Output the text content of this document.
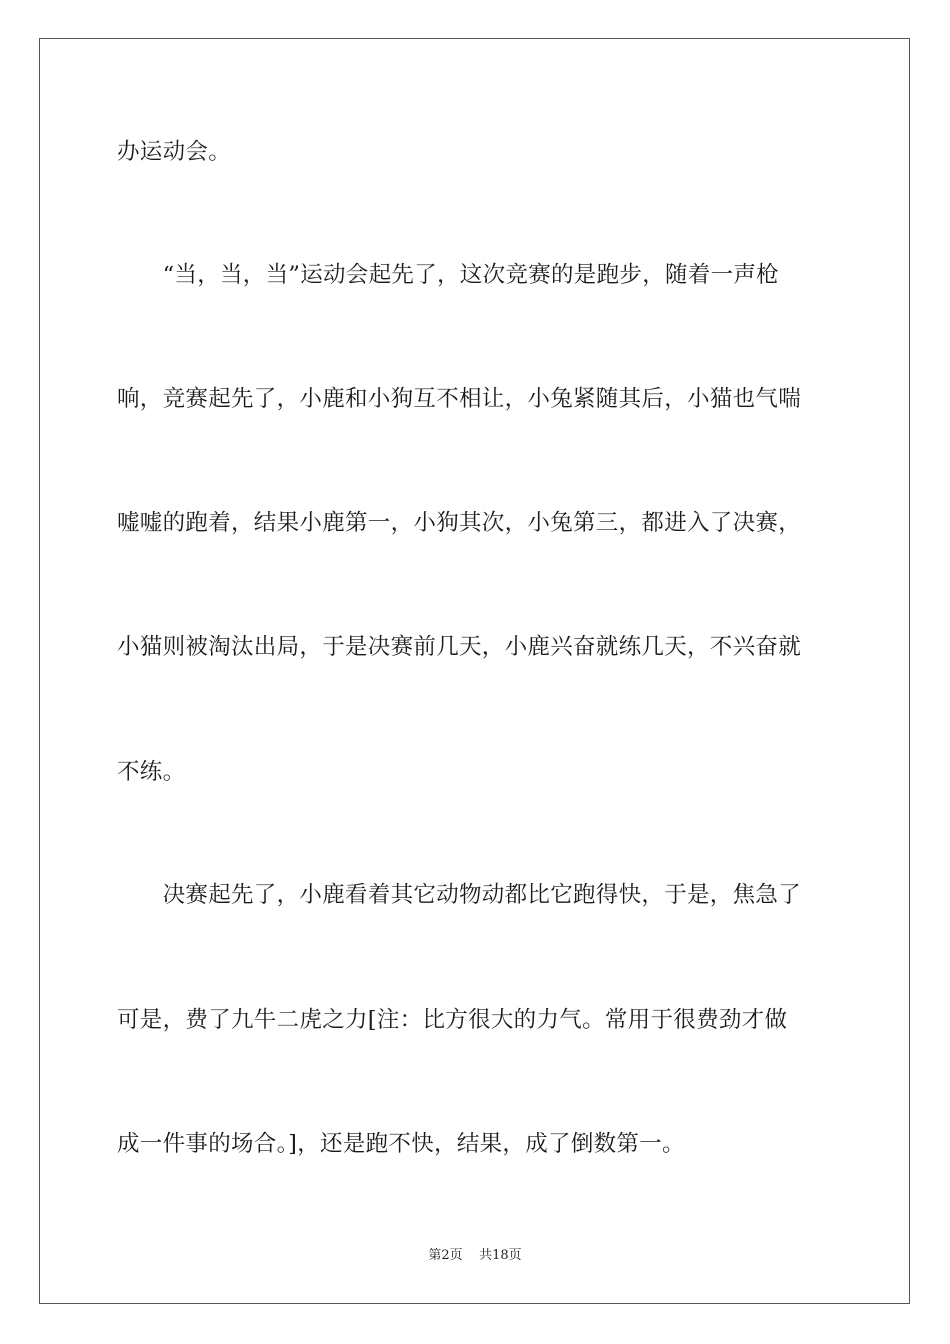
办运动会。
　　“当，当，当”运动会起先了，这次竞赛的是跑步，随着一声枪
响，竞赛起先了，小鹿和小狗互不相让，小兔紧随其后，小猫也气喘
嘘嘘的跑着，结果小鹿第一，小狗其次，小兔第三，都进入了决赛，
小猫则被淘汰出局，于是决赛前几天，小鹿兴奋就练几天，不兴奋就
不练。
　　决赛起先了，小鹿看着其它动物动都比它跑得快，于是，焦急了
可是，费了九牛二虎之力[注：比方很大的力气。常用于很费劲才做
成一件事的场合。]，还是跑不快，结果，成了倒数第一。
第2页 共18页
